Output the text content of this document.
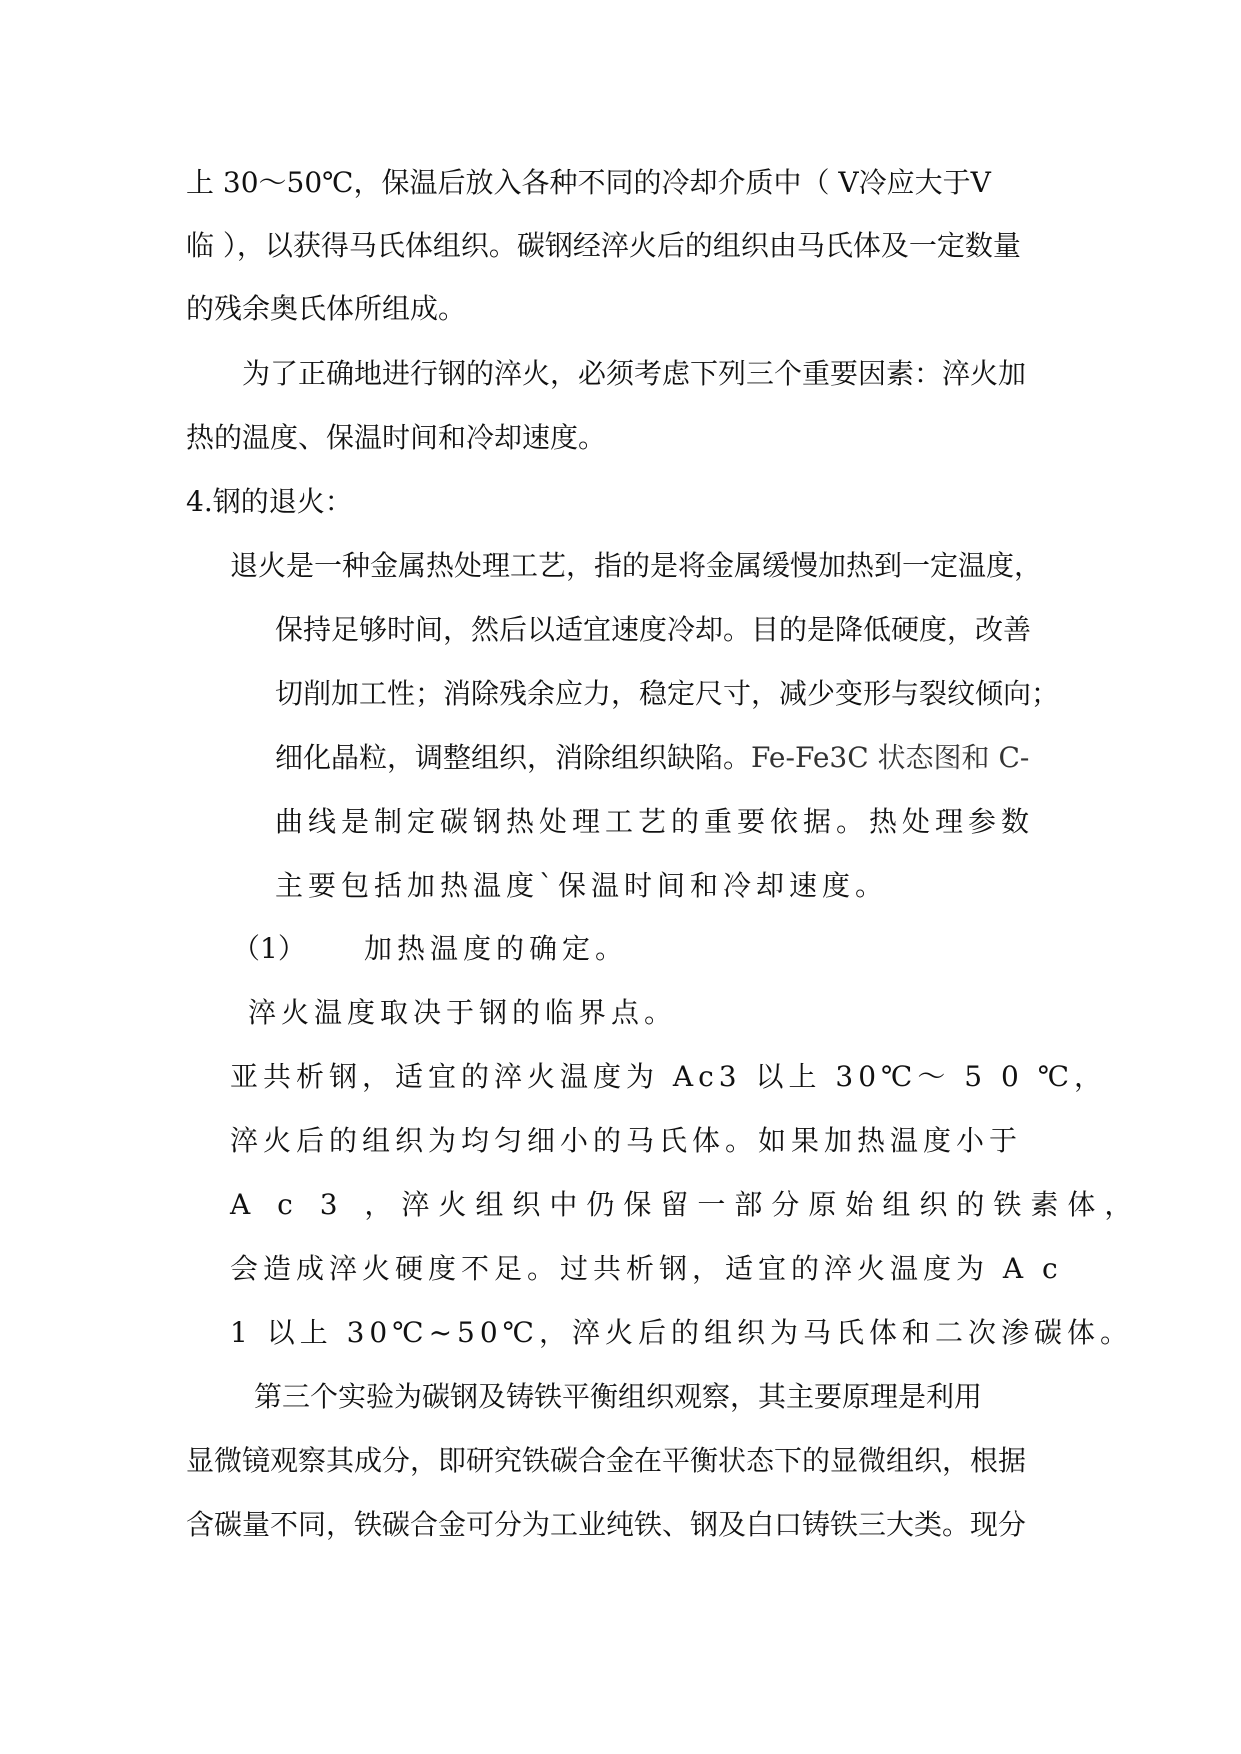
上 30～50℃，保温后放入各种不同的冷却介质中（ V冷应大于V
临 ），以获得马氏体组织。碳钢经淬火后的组织由马氏体及一定数量
的残余奥氏体所组成。
为了正确地进行钢的淬火，必须考虑下列三个重要因素：淬火加
热的温度、保温时间和冷却速度。
4.钢的退火：
退火是一种金属热处理工艺，指的是将金属缓慢加热到一定温度，
保持足够时间，然后以适宜速度冷却。目的是降低硬度，改善
切削加工性；消除残余应力，稳定尺寸，减少变形与裂纹倾向；
细化晶粒，调整组织，消除组织缺陷。Fe-Fe3C 状态图和 C-
曲线是制定碳钢热处理工艺的重要依据。热处理参数
主要包括加热温度`保温时间和冷却速度。
（1） 加热温度的确定。
淬火温度取决于钢的临界点。
亚共析钢，适宜的淬火温度为 Ac3 以上 30℃～ 5 0 ℃，
淬火后的组织为均匀细小的马氏体。如果加热温度小于
A c 3 ，淬火组织中仍保留一部分原始组织的铁素体，
会造成淬火硬度不足。过共析钢，适宜的淬火温度为 A c
1 以上 30℃~50℃，淬火后的组织为马氏体和二次渗碳体。
第三个实验为碳钢及铸铁平衡组织观察，其主要原理是利用
显微镜观察其成分，即研究铁碳合金在平衡状态下的显微组织，根据
含碳量不同，铁碳合金可分为工业纯铁、钢及白口铸铁三大类。现分
